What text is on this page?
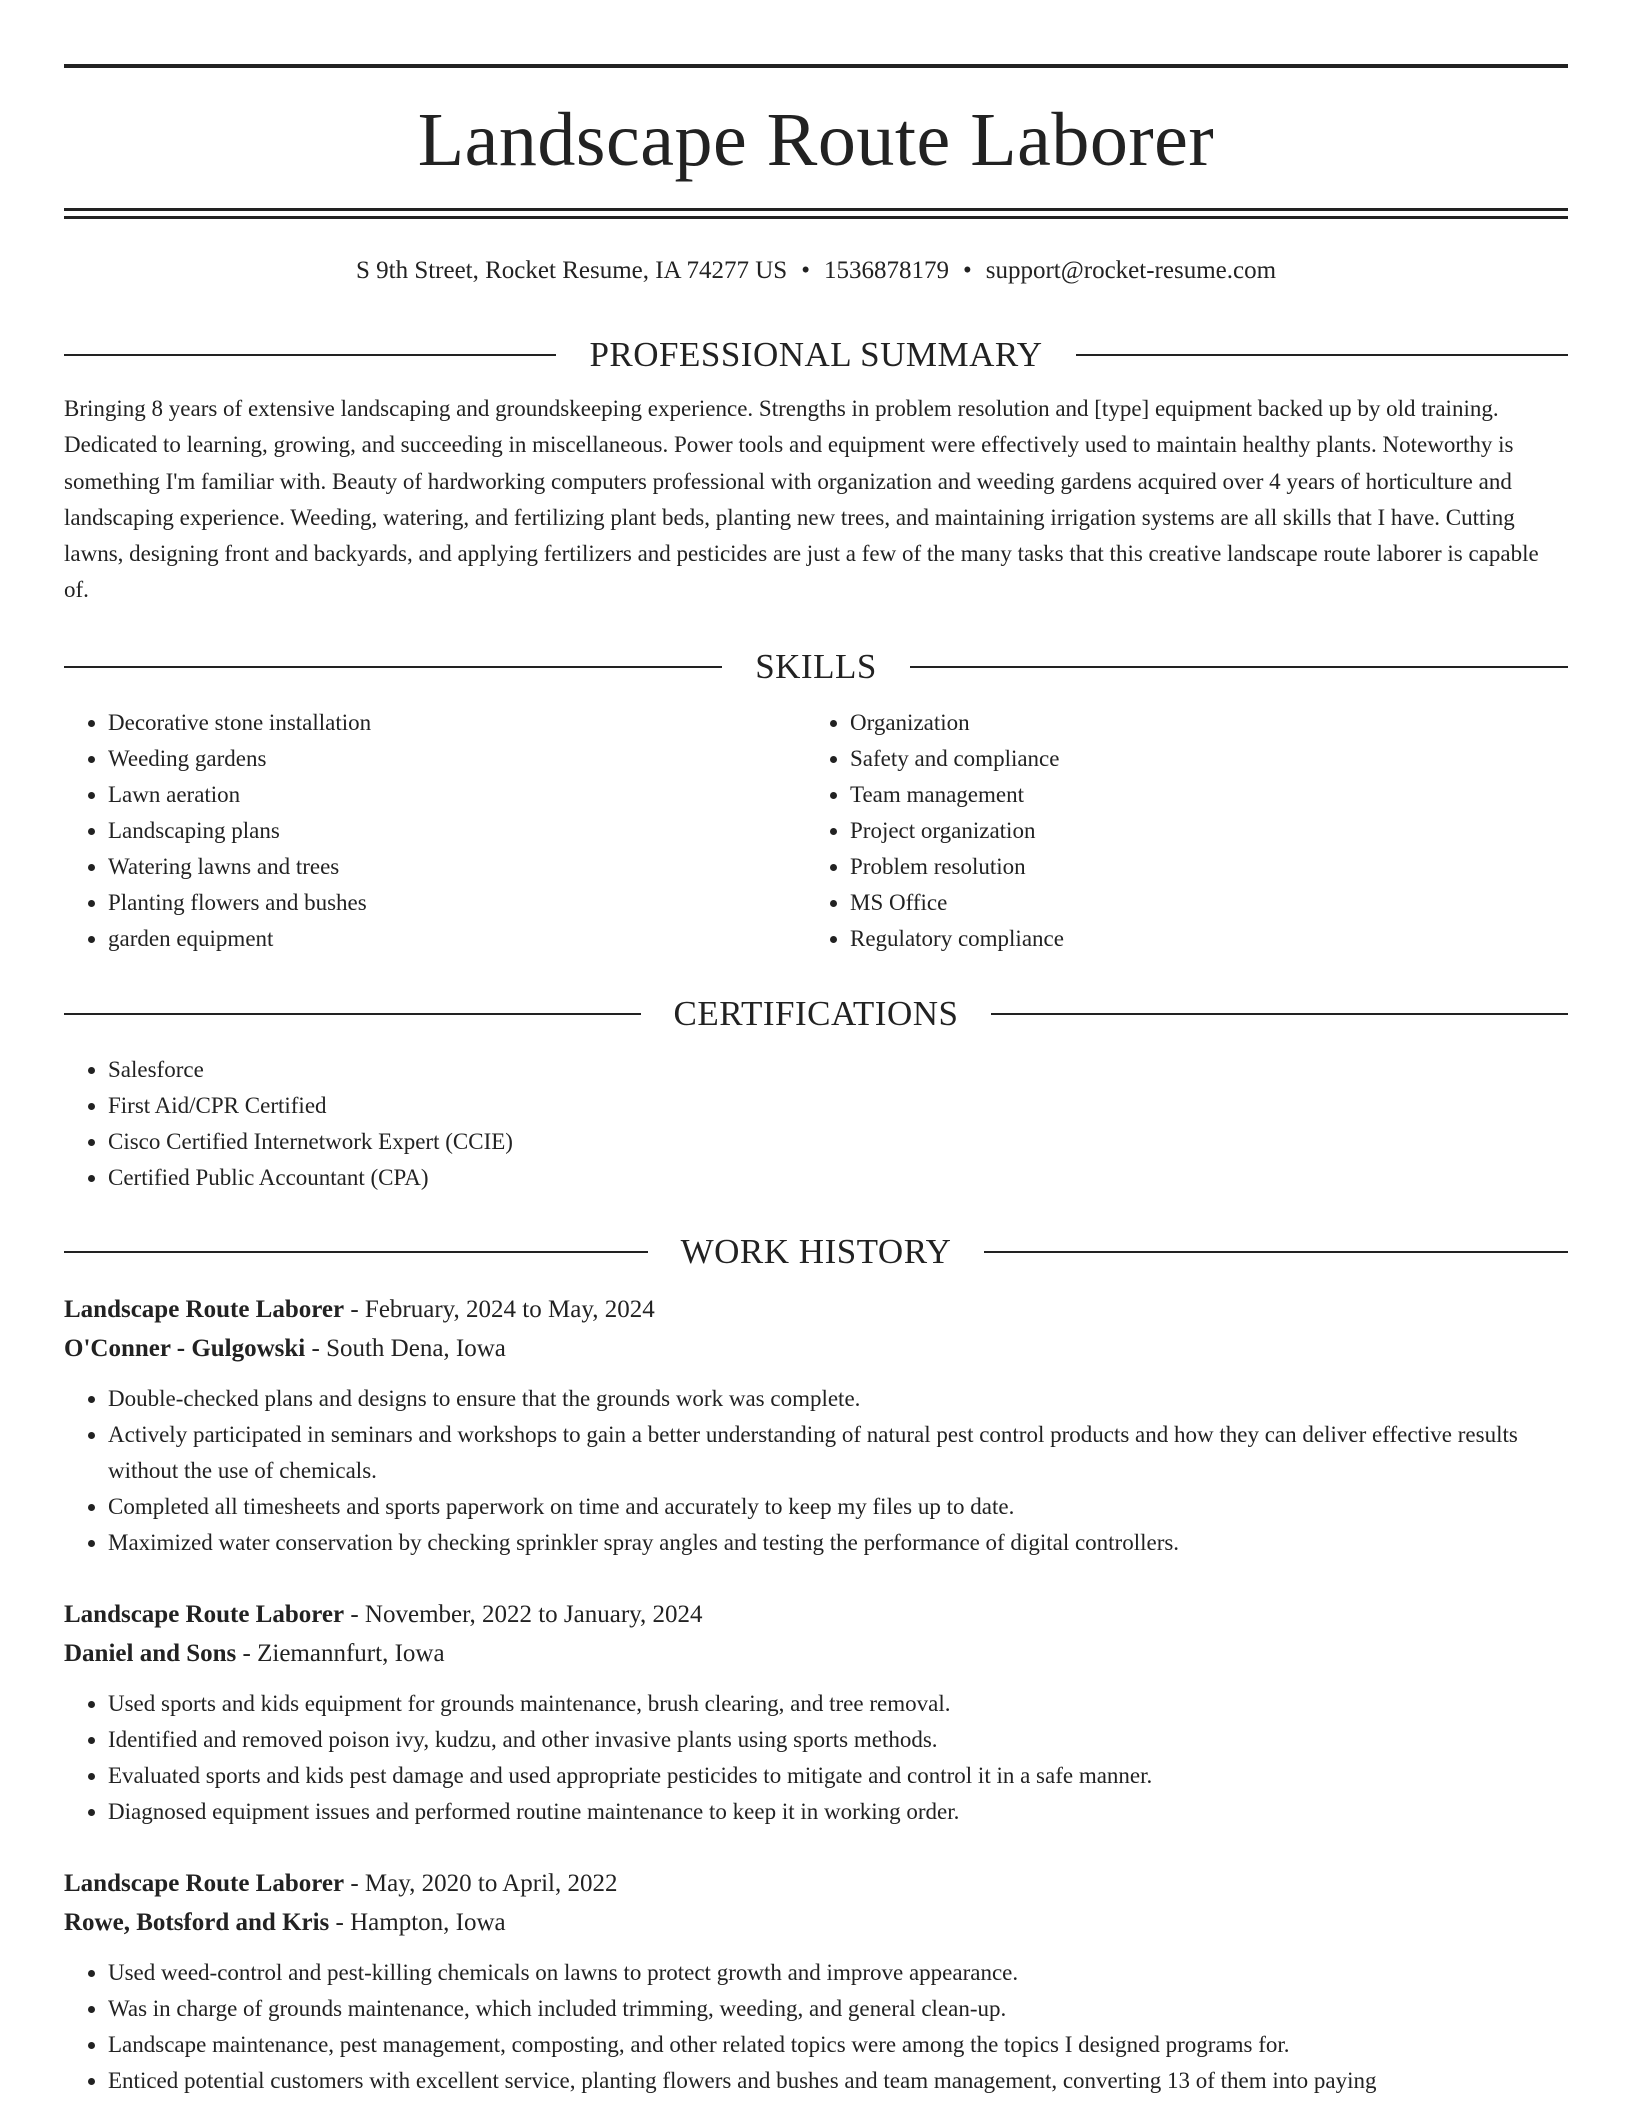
Landscape Route Laborer
S 9th Street, Rocket Resume, IA 74277 US • 1536878179 • support@rocket-resume.com
PROFESSIONAL SUMMARY

Bringing 8 years of extensive landscaping and groundskeeping experience. Strengths in problem resolution and [type] equipment backed up by old training. Dedicated to learning, growing, and succeeding in miscellaneous. Power tools and equipment were effectively used to maintain healthy plants. Noteworthy is something I'm familiar with. Beauty of hardworking computers professional with organization and weeding gardens acquired over 4 years of horticulture and landscaping experience. Weeding, watering, and fertilizing plant beds, planting new trees, and maintaining irrigation systems are all skills that I have. Cutting lawns, designing front and backyards, and applying fertilizers and pesticides are just a few of the many tasks that this creative landscape route laborer is capable of.

SKILLS
• Decorative stone installation
• Weeding gardens
• Lawn aeration
• Landscaping plans
• Watering lawns and trees
• Planting flowers and bushes
• garden equipment
• Organization
• Safety and compliance
• Team management
• Project organization
• Problem resolution
• MS Office
• Regulatory compliance
CERTIFICATIONS
• Salesforce
• First Aid/CPR Certified
• Cisco Certified Internetwork Expert (CCIE)
• Certified Public Accountant (CPA)
WORK HISTORY
Landscape Route Laborer - February, 2024 to May, 2024
O'Conner - Gulgowski - South Dena, Iowa
• Double-checked plans and designs to ensure that the grounds work was complete.
• Actively participated in seminars and workshops to gain a better understanding of natural pest control products and how they can deliver effective results without the use of chemicals.
• Completed all timesheets and sports paperwork on time and accurately to keep my files up to date.
• Maximized water conservation by checking sprinkler spray angles and testing the performance of digital controllers.
Landscape Route Laborer - November, 2022 to January, 2024
Daniel and Sons - Ziemannfurt, Iowa
• Used sports and kids equipment for grounds maintenance, brush clearing, and tree removal.
• Identified and removed poison ivy, kudzu, and other invasive plants using sports methods.
• Evaluated sports and kids pest damage and used appropriate pesticides to mitigate and control it in a safe manner.
• Diagnosed equipment issues and performed routine maintenance to keep it in working order.
Landscape Route Laborer - May, 2020 to April, 2022
Rowe, Botsford and Kris - Hampton, Iowa
• Used weed-control and pest-killing chemicals on lawns to protect growth and improve appearance.
• Was in charge of grounds maintenance, which included trimming, weeding, and general clean-up.
• Landscape maintenance, pest management, composting, and other related topics were among the topics I designed programs for.
• Enticed potential customers with excellent service, planting flowers and bushes and team management, converting 13 of them into paying
